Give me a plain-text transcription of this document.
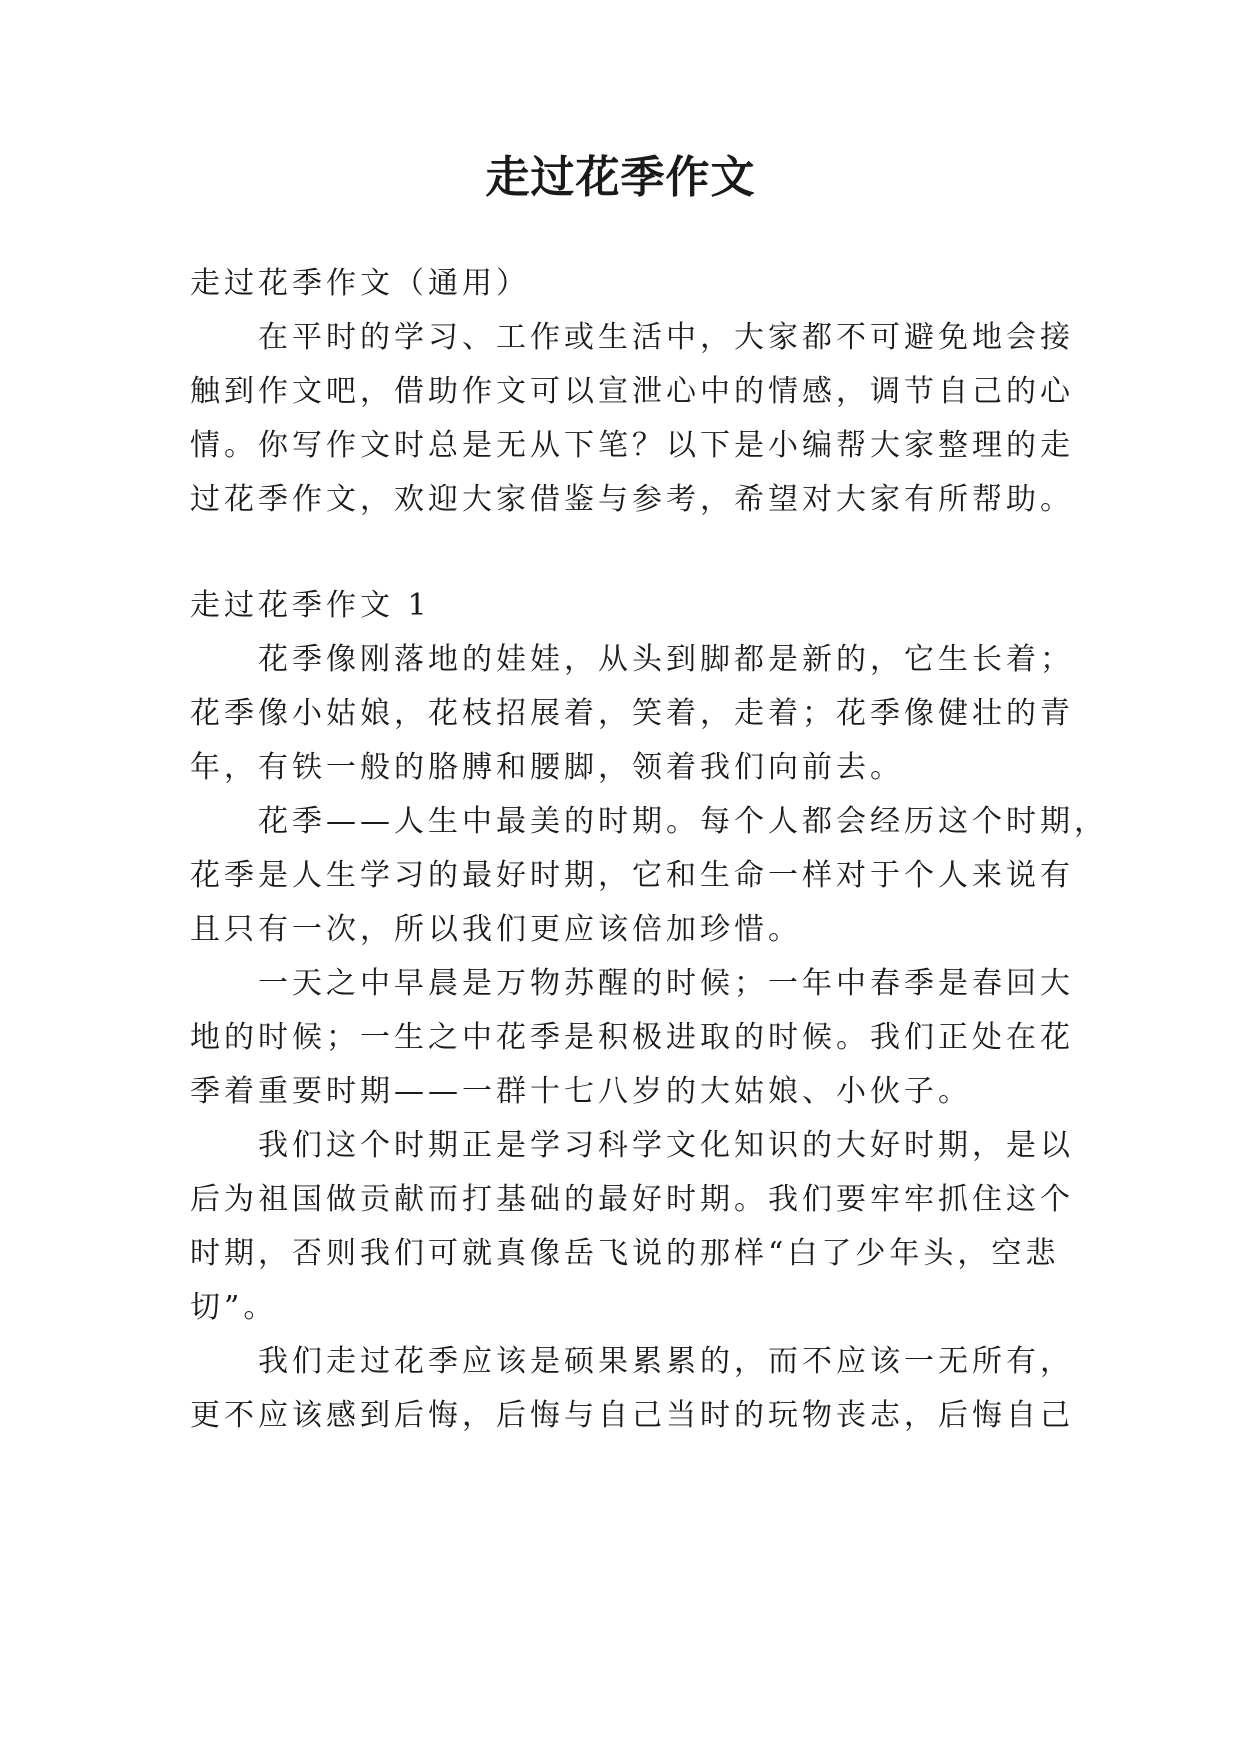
走过花季作文
走过花季作文（通用）
在平时的学习、工作或生活中，大家都不可避免地会接
触到作文吧，借助作文可以宣泄心中的情感，调节自己的心
情。你写作文时总是无从下笔？以下是小编帮大家整理的走
过花季作文，欢迎大家借鉴与参考，希望对大家有所帮助。
走过花季作文 1
花季像刚落地的娃娃，从头到脚都是新的，它生长着；
花季像小姑娘，花枝招展着，笑着，走着；花季像健壮的青
年，有铁一般的胳膊和腰脚，领着我们向前去。
花季——人生中最美的时期。每个人都会经历这个时期，
花季是人生学习的最好时期，它和生命一样对于个人来说有
且只有一次，所以我们更应该倍加珍惜。
一天之中早晨是万物苏醒的时候；一年中春季是春回大
地的时候；一生之中花季是积极进取的时候。我们正处在花
季着重要时期——一群十七八岁的大姑娘、小伙子。
我们这个时期正是学习科学文化知识的大好时期，是以
后为祖国做贡献而打基础的最好时期。我们要牢牢抓住这个
时期，否则我们可就真像岳飞说的那样“白了少年头，空悲
切”。
我们走过花季应该是硕果累累的，而不应该一无所有，
更不应该感到后悔，后悔与自己当时的玩物丧志，后悔自己
